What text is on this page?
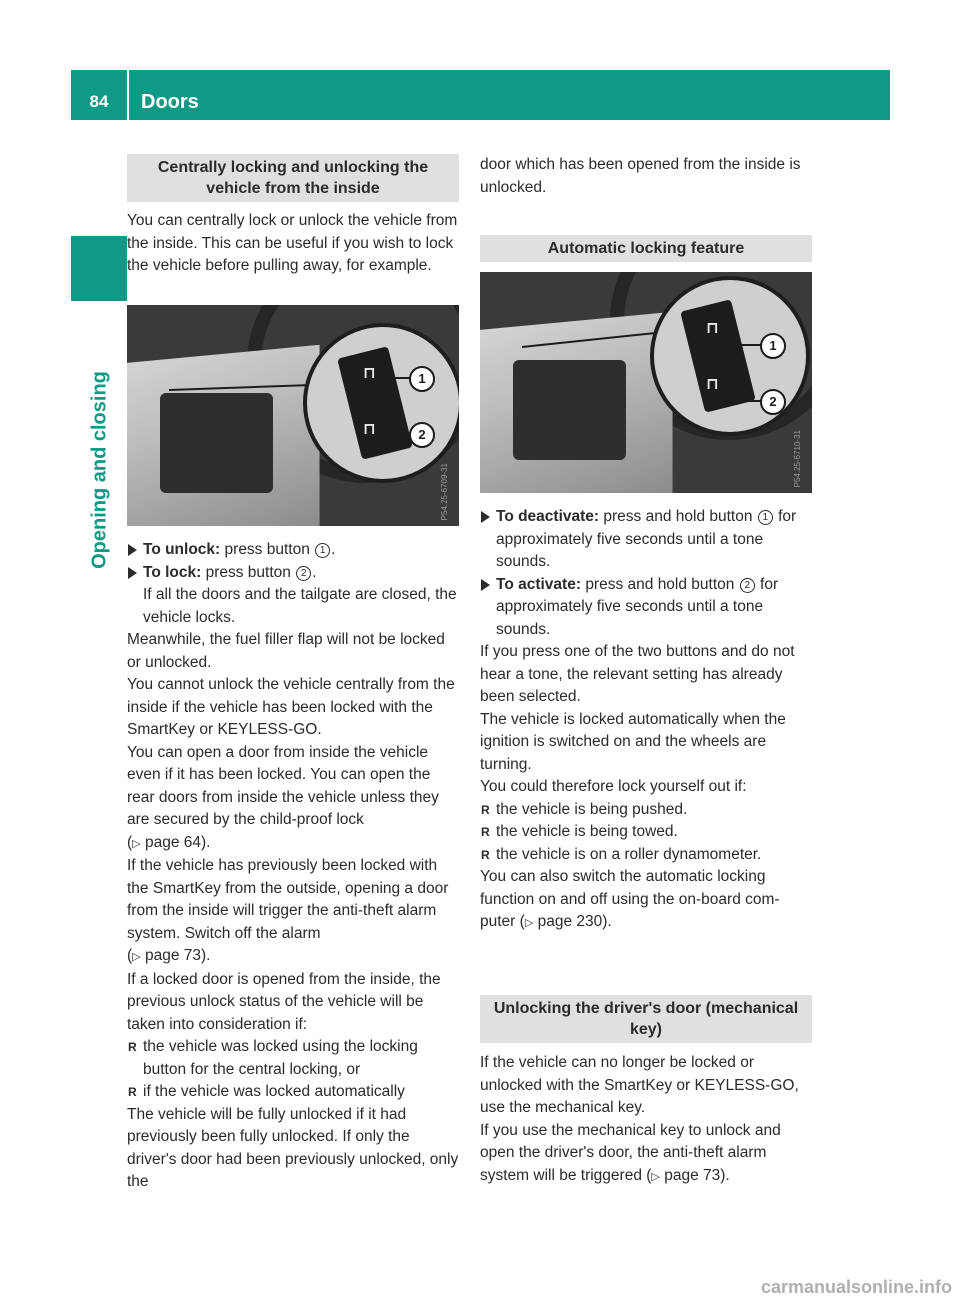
84	Doors
Opening and closing
Centrally locking and unlocking the vehicle from the inside

You can centrally lock or unlock the vehicle from the inside. This can be useful if you wish to lock the vehicle before pulling away, for example.

⊓
⊓
1
2
P54.25-6709-31

To unlock: press button 1 .

To lock: press button 2 .

If all the doors and the tailgate are closed, the vehicle locks.

Meanwhile, the fuel filler flap will not be locked or unlocked.

You cannot unlock the vehicle centrally from the inside if the vehicle has been locked with the SmartKey or KEYLESS-GO.

You can open a door from inside the vehicle even if it has been locked. You can open the rear doors from inside the vehicle unless they are secured by the child-proof lock
(▷ page 64).

If the vehicle has previously been locked with the SmartKey from the outside, opening a door from the inside will trigger the anti-theft alarm system. Switch off the alarm
(▷ page 73).

If a locked door is opened from the inside, the previous unlock status of the vehicle will be taken into consideration if:

R the vehicle was locked using the locking button for the central locking, or

R if the vehicle was locked automatically

The vehicle will be fully unlocked if it had previously been fully unlocked. If only the driver's door had been previously unlocked, only the

door which has been opened from the inside is unlocked.

Automatic locking feature
⊓
⊓
1
2
P54.25-6710-31

To deactivate: press and hold button 1 for approximately five seconds until a tone sounds.

To activate: press and hold button 2 for approximately five seconds until a tone sounds.

If you press one of the two buttons and do not hear a tone, the relevant setting has already been selected.

The vehicle is locked automatically when the ignition is switched on and the wheels are turning.

You could therefore lock yourself out if:

R the vehicle is being pushed.

R the vehicle is being towed.

R the vehicle is on a roller dynamometer.

You can also switch the automatic locking function on and off using the on-board com- puter (▷ page 230).

Unlocking the driver's door (mechanical key)

If the vehicle can no longer be locked or unlocked with the SmartKey or KEYLESS-GO, use the mechanical key.

If you use the mechanical key to unlock and open the driver's door, the anti-theft alarm system will be triggered (▷ page 73).

carmanualsonline.info
